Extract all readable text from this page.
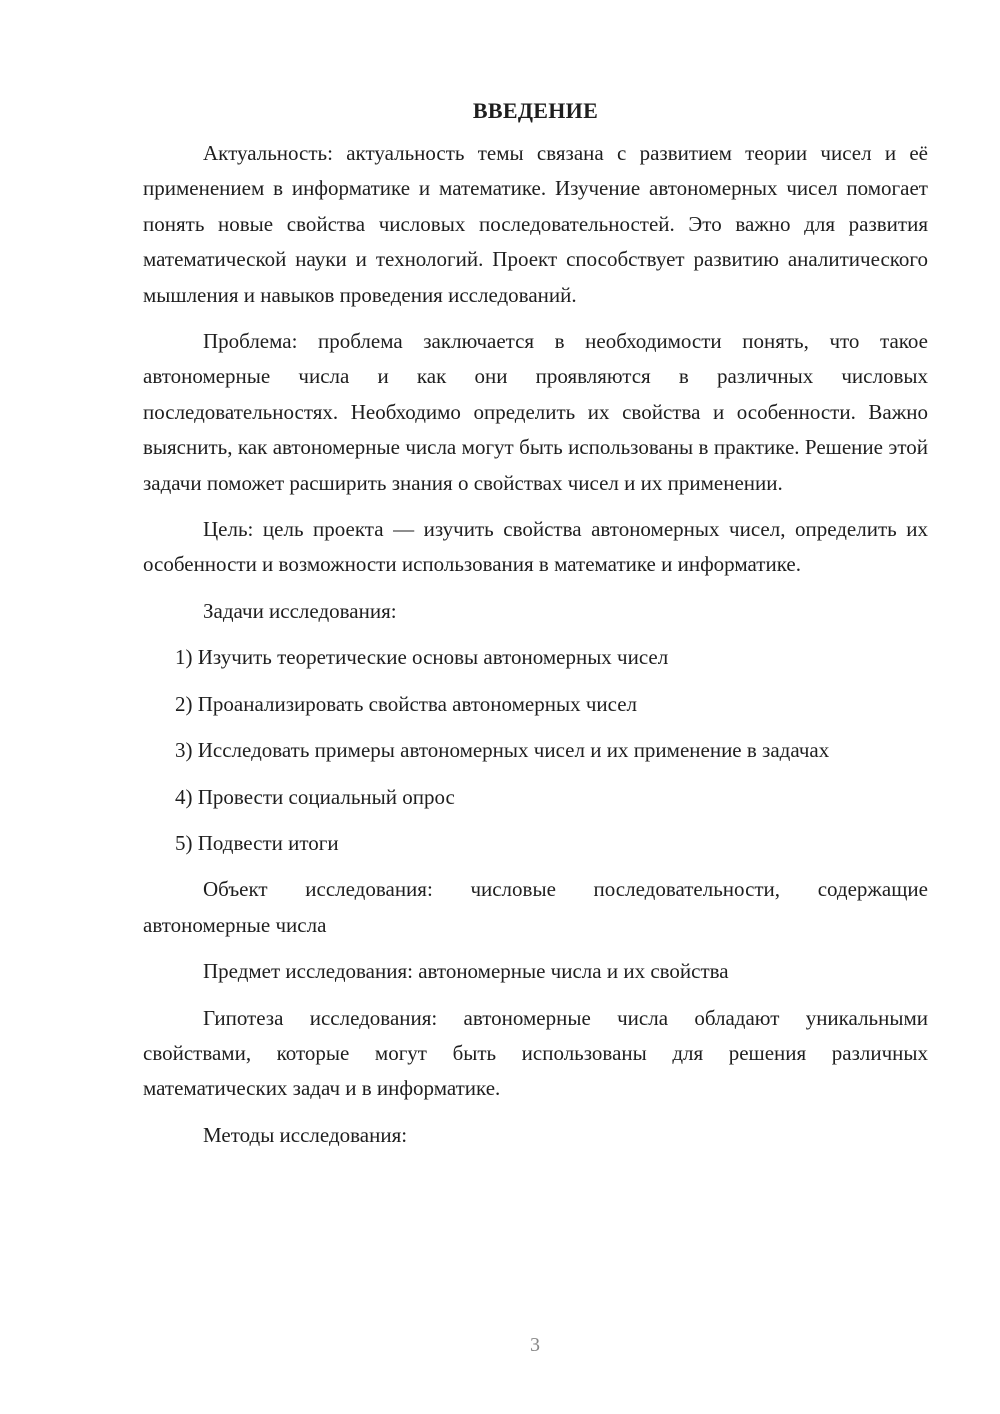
ВВЕДЕНИЕ

Актуальность: актуальность темы связана с развитием теории чисел и её применением в информатике и математике. Изучение автономерных чисел помогает понять новые свойства числовых последовательностей. Это важно для развития математической науки и технологий. Проект способствует развитию аналитического мышления и навыков проведения исследований.

Проблема: проблема заключается в необходимости понять, что такое автономерные числа и как они проявляются в различных числовых последовательностях. Необходимо определить их свойства и особенности. Важно выяснить, как автономерные числа могут быть использованы в практике. Решение этой задачи поможет расширить знания о свойствах чисел и их применении.

Цель: цель проекта — изучить свойства автономерных чисел, определить их особенности и возможности использования в математике и информатике.

Задачи исследования:

1) Изучить теоретические основы автономерных чисел

2) Проанализировать свойства автономерных чисел

3) Исследовать примеры автономерных чисел и их применение в задачах

4) Провести социальный опрос

5) Подвести итоги

Объект исследования: числовые последовательности, содержащие автономерные числа

Предмет исследования: автономерные числа и их свойства

Гипотеза исследования: автономерные числа обладают уникальными свойствами, которые могут быть использованы для решения различных математических задач и в информатике.

Методы исследования:

3
